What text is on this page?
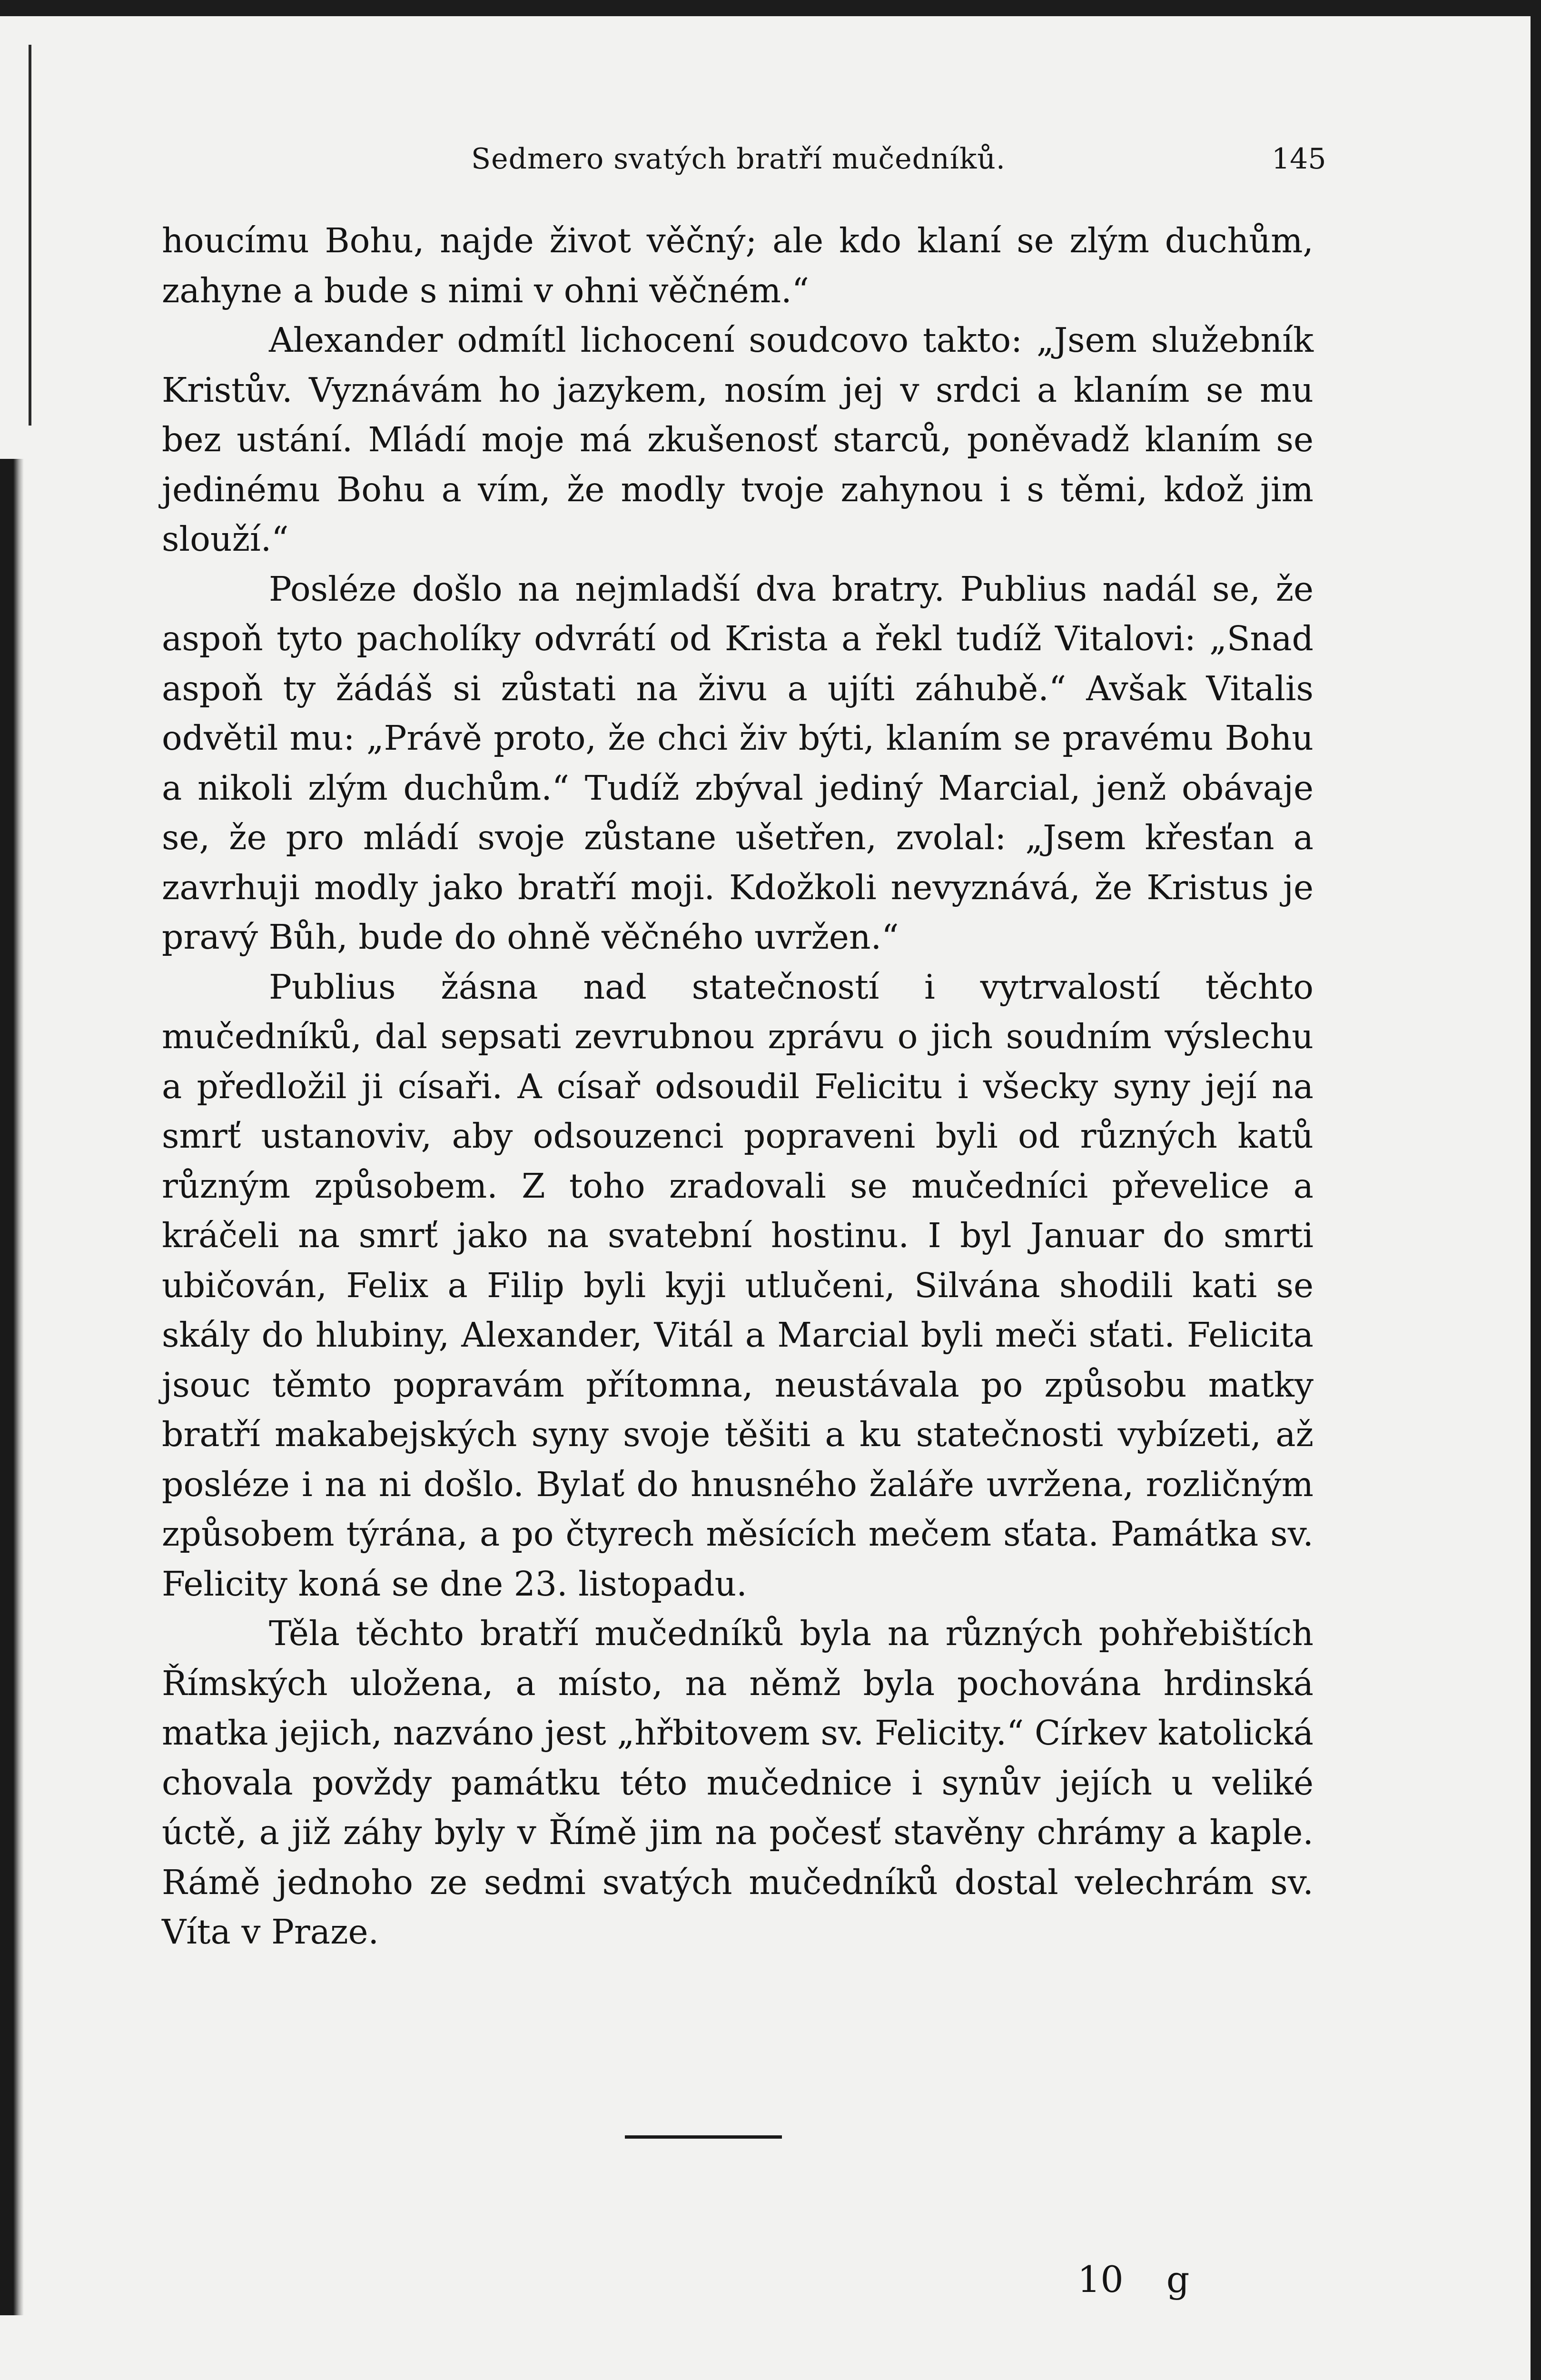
Sedmero svatých bratří mučedníků.	145

houcímu Bohu, najde život věčný; ale kdo klaní se zlým duchům, zahyne a bude s nimi v ohni věčném.“

Alexander odmítl lichocení soudcovo takto: „Jsem služebník Kristův. Vyznávám ho jazykem, nosím jej v srdci a klaním se mu bez ustání. Mládí moje má zkušenosť starců, poněvadž klaním se jedinému Bohu a vím, že modly tvoje zahynou i s těmi, kdož jim slouží.“

Posléze došlo na nejmladší dva bratry. Publius nadál se, že aspoň tyto pacholíky odvrátí od Krista a řekl tudíž Vitalovi: „Snad aspoň ty žádáš si zůstati na živu a ujíti záhubě.“ Avšak Vitalis odvětil mu: „Právě proto, že chci živ býti, klaním se pravému Bohu a nikoli zlým duchům.“ Tudíž zbýval jediný Marcial, jenž obávaje se, že pro mládí svoje zůstane ušetřen, zvolal: „Jsem křesťan a zavrhuji modly jako bratří moji. Kdožkoli nevyznává, že Kristus je pravý Bůh, bude do ohně věčného uvržen.“

Publius žásna nad statečností i vytrvalostí těchto mučedníků, dal sepsati zevrubnou zprávu o jich soudním výslechu a předložil ji císaři. A císař odsoudil Felicitu i všecky syny její na smrť ustanoviv, aby odsouzenci popraveni byli od různých katů různým způsobem. Z toho zradovali se mučedníci převelice a kráčeli na smrť jako na svatební hostinu. I byl Januar do smrti ubičován, Felix a Filip byli kyji utlučeni, Silvána shodili kati se skály do hlubiny, Alexander, Vitál a Marcial byli meči sťati. Felicita jsouc těmto popravám přítomna, neustávala po způsobu matky bratří makabejských syny svoje těšiti a ku statečnosti vybízeti, až posléze i na ni došlo. Bylať do hnusného žaláře uvržena, rozličným způsobem týrána, a po čtyrech měsících mečem sťata. Památka sv. Felicity koná se dne 23. listopadu.

Těla těchto bratří mučedníků byla na různých pohřebištích Římských uložena, a místo, na němž byla pochována hrdinská matka jejich, nazváno jest „hřbitovem sv. Felicity.“ Církev katolická chovala povždy památku této mučednice i synův jejích u veliké úctě, a již záhy byly v Římě jim na počesť stavěny chrámy a kaple. Rámě jednoho ze sedmi svatých mučedníků dostal velechrám sv. Víta v Praze.

10 g
